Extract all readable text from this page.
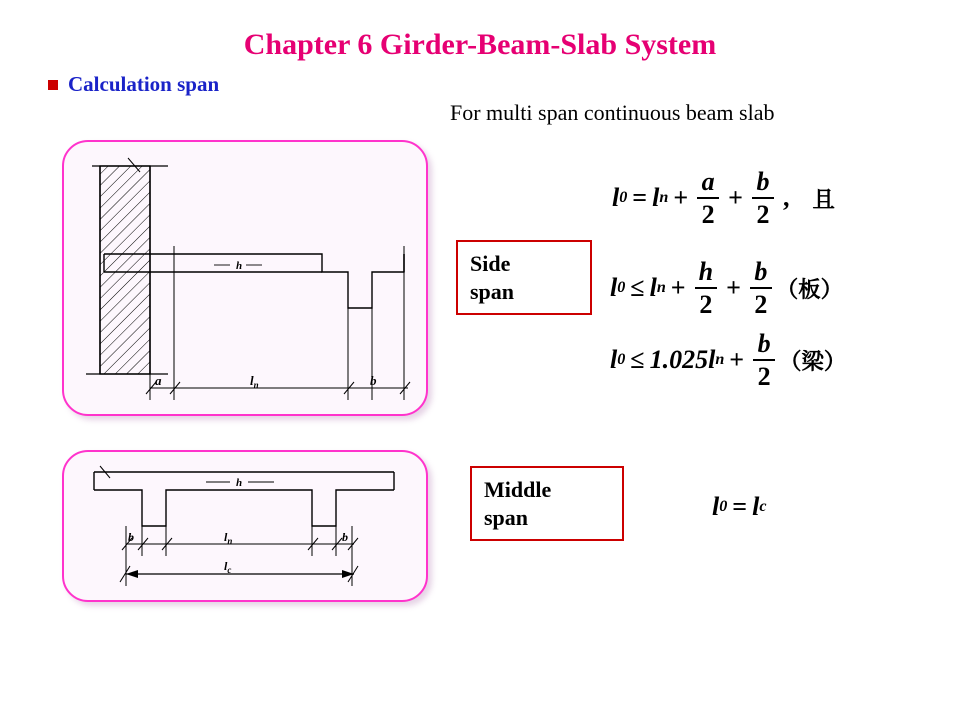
Chapter 6 Girder-Beam-Slab System
Calculation span
For multi span continuous beam slab
h
a	$l_n$	b
h
b	$l_n$	b
$l_c$
Side
span
Middle
span
l 0 = l $n + \frac{a}{2} + \frac{b}{2}$ , 且
l 0 ≤ l $n + \frac{h}{2} + \frac{b}{2}$ （板）
l 0 ≤ 1.025 l $n + \frac{b}{2}$ （梁）
l 0 = l c
